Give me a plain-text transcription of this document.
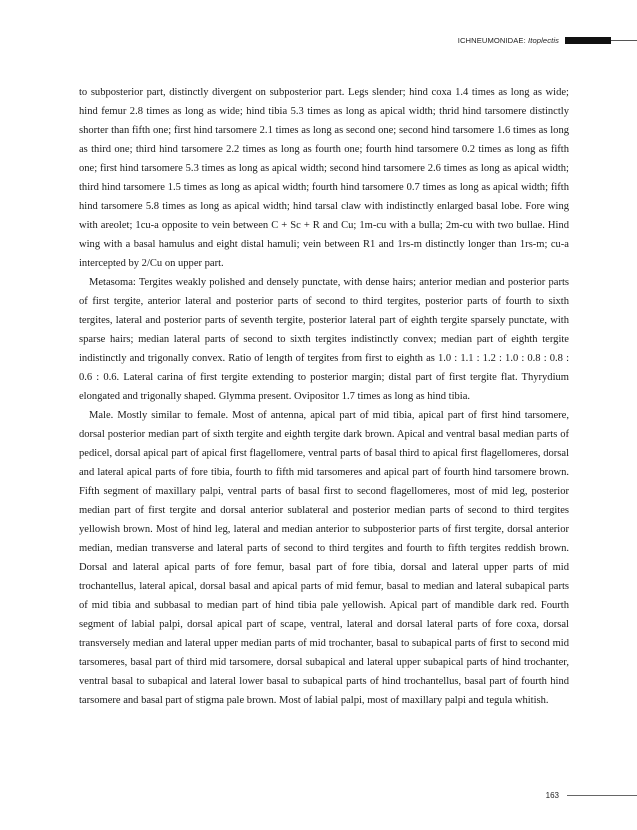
ICHNEUMONIDAE: Itoplectis

to subposterior part, distinctly divergent on subposterior part. Legs slender; hind coxa 1.4 times as long as wide; hind femur 2.8 times as long as wide; hind tibia 5.3 times as long as apical width; thrid hind tarsomere distinctly shorter than fifth one; first hind tarsomere 2.1 times as long as second one; second hind tarsomere 1.6 times as long as third one; third hind tarsomere 2.2 times as long as fourth one; fourth hind tarsomere 0.2 times as long as fifth one; first hind tarsomere 5.3 times as long as apical width; second hind tarsomere 2.6 times as long as apical width; third hind tarsomere 1.5 times as long as apical width; fourth hind tarsomere 0.7 times as long as apical width; fifth hind tarsomere 5.8 times as long as apical width; hind tarsal claw with indistinctly enlarged basal lobe. Fore wing with areolet; 1cu-a opposite to vein between C + Sc + R and Cu; 1m-cu with a bulla; 2m-cu with two bullae. Hind wing with a basal hamulus and eight distal hamuli; vein between R1 and 1rs-m distinctly longer than 1rs-m; cu-a intercepted by 2/Cu on upper part.

Metasoma: Tergites weakly polished and densely punctate, with dense hairs; anterior median and posterior parts of first tergite, anterior lateral and posterior parts of second to third tergites, posterior parts of fourth to sixth tergites, lateral and posterior parts of seventh tergite, posterior lateral part of eighth tergite sparsely punctate, with sparse hairs; median lateral parts of second to sixth tergites indistinctly convex; median part of eighth tergite indistinctly and trigonally convex. Ratio of length of tergites from first to eighth as 1.0 : 1.1 : 1.2 : 1.0 : 0.8 : 0.8 : 0.6 : 0.6. Lateral carina of first tergite extending to posterior margin; distal part of first tergite flat. Thyrydium elongated and trigonally shaped. Glymma present. Ovipositor 1.7 times as long as hind tibia.

Male. Mostly similar to female. Most of antenna, apical part of mid tibia, apical part of first hind tarsomere, dorsal posterior median part of sixth tergite and eighth tergite dark brown. Apical and ventral basal median parts of pedicel, dorsal apical part of apical first flagellomere, ventral parts of basal third to apical first flagellomeres, dorsal and lateral apical parts of fore tibia, fourth to fifth mid tarsomeres and apical part of fourth hind tarsomere brown. Fifth segment of maxillary palpi, ventral parts of basal first to second flagellomeres, most of mid leg, posterior median part of first tergite and dorsal anterior sublateral and posterior median parts of second to third tergites yellowish brown. Most of hind leg, lateral and median anterior to subposterior parts of first tergite, dorsal anterior median, median transverse and lateral parts of second to third tergites and fourth to fifth tergites reddish brown. Dorsal and lateral apical parts of fore femur, basal part of fore tibia, dorsal and lateral upper parts of mid trochantellus, lateral apical, dorsal basal and apical parts of mid femur, basal to median and lateral subapical parts of mid tibia and subbasal to median part of hind tibia pale yellowish. Apical part of mandible dark red. Fourth segment of labial palpi, dorsal apical part of scape, ventral, lateral and dorsal lateral parts of fore coxa, dorsal transversely median and lateral upper median parts of mid trochanter, basal to subapical parts of first to second mid tarsomeres, basal part of third mid tarsomere, dorsal subapical and lateral upper subapical parts of hind trochanter, ventral basal to subapical and lateral lower basal to subapical parts of hind trochantellus, basal part of fourth hind tarsomere and basal part of stigma pale brown. Most of labial palpi, most of maxillary palpi and tegula whitish.

163
